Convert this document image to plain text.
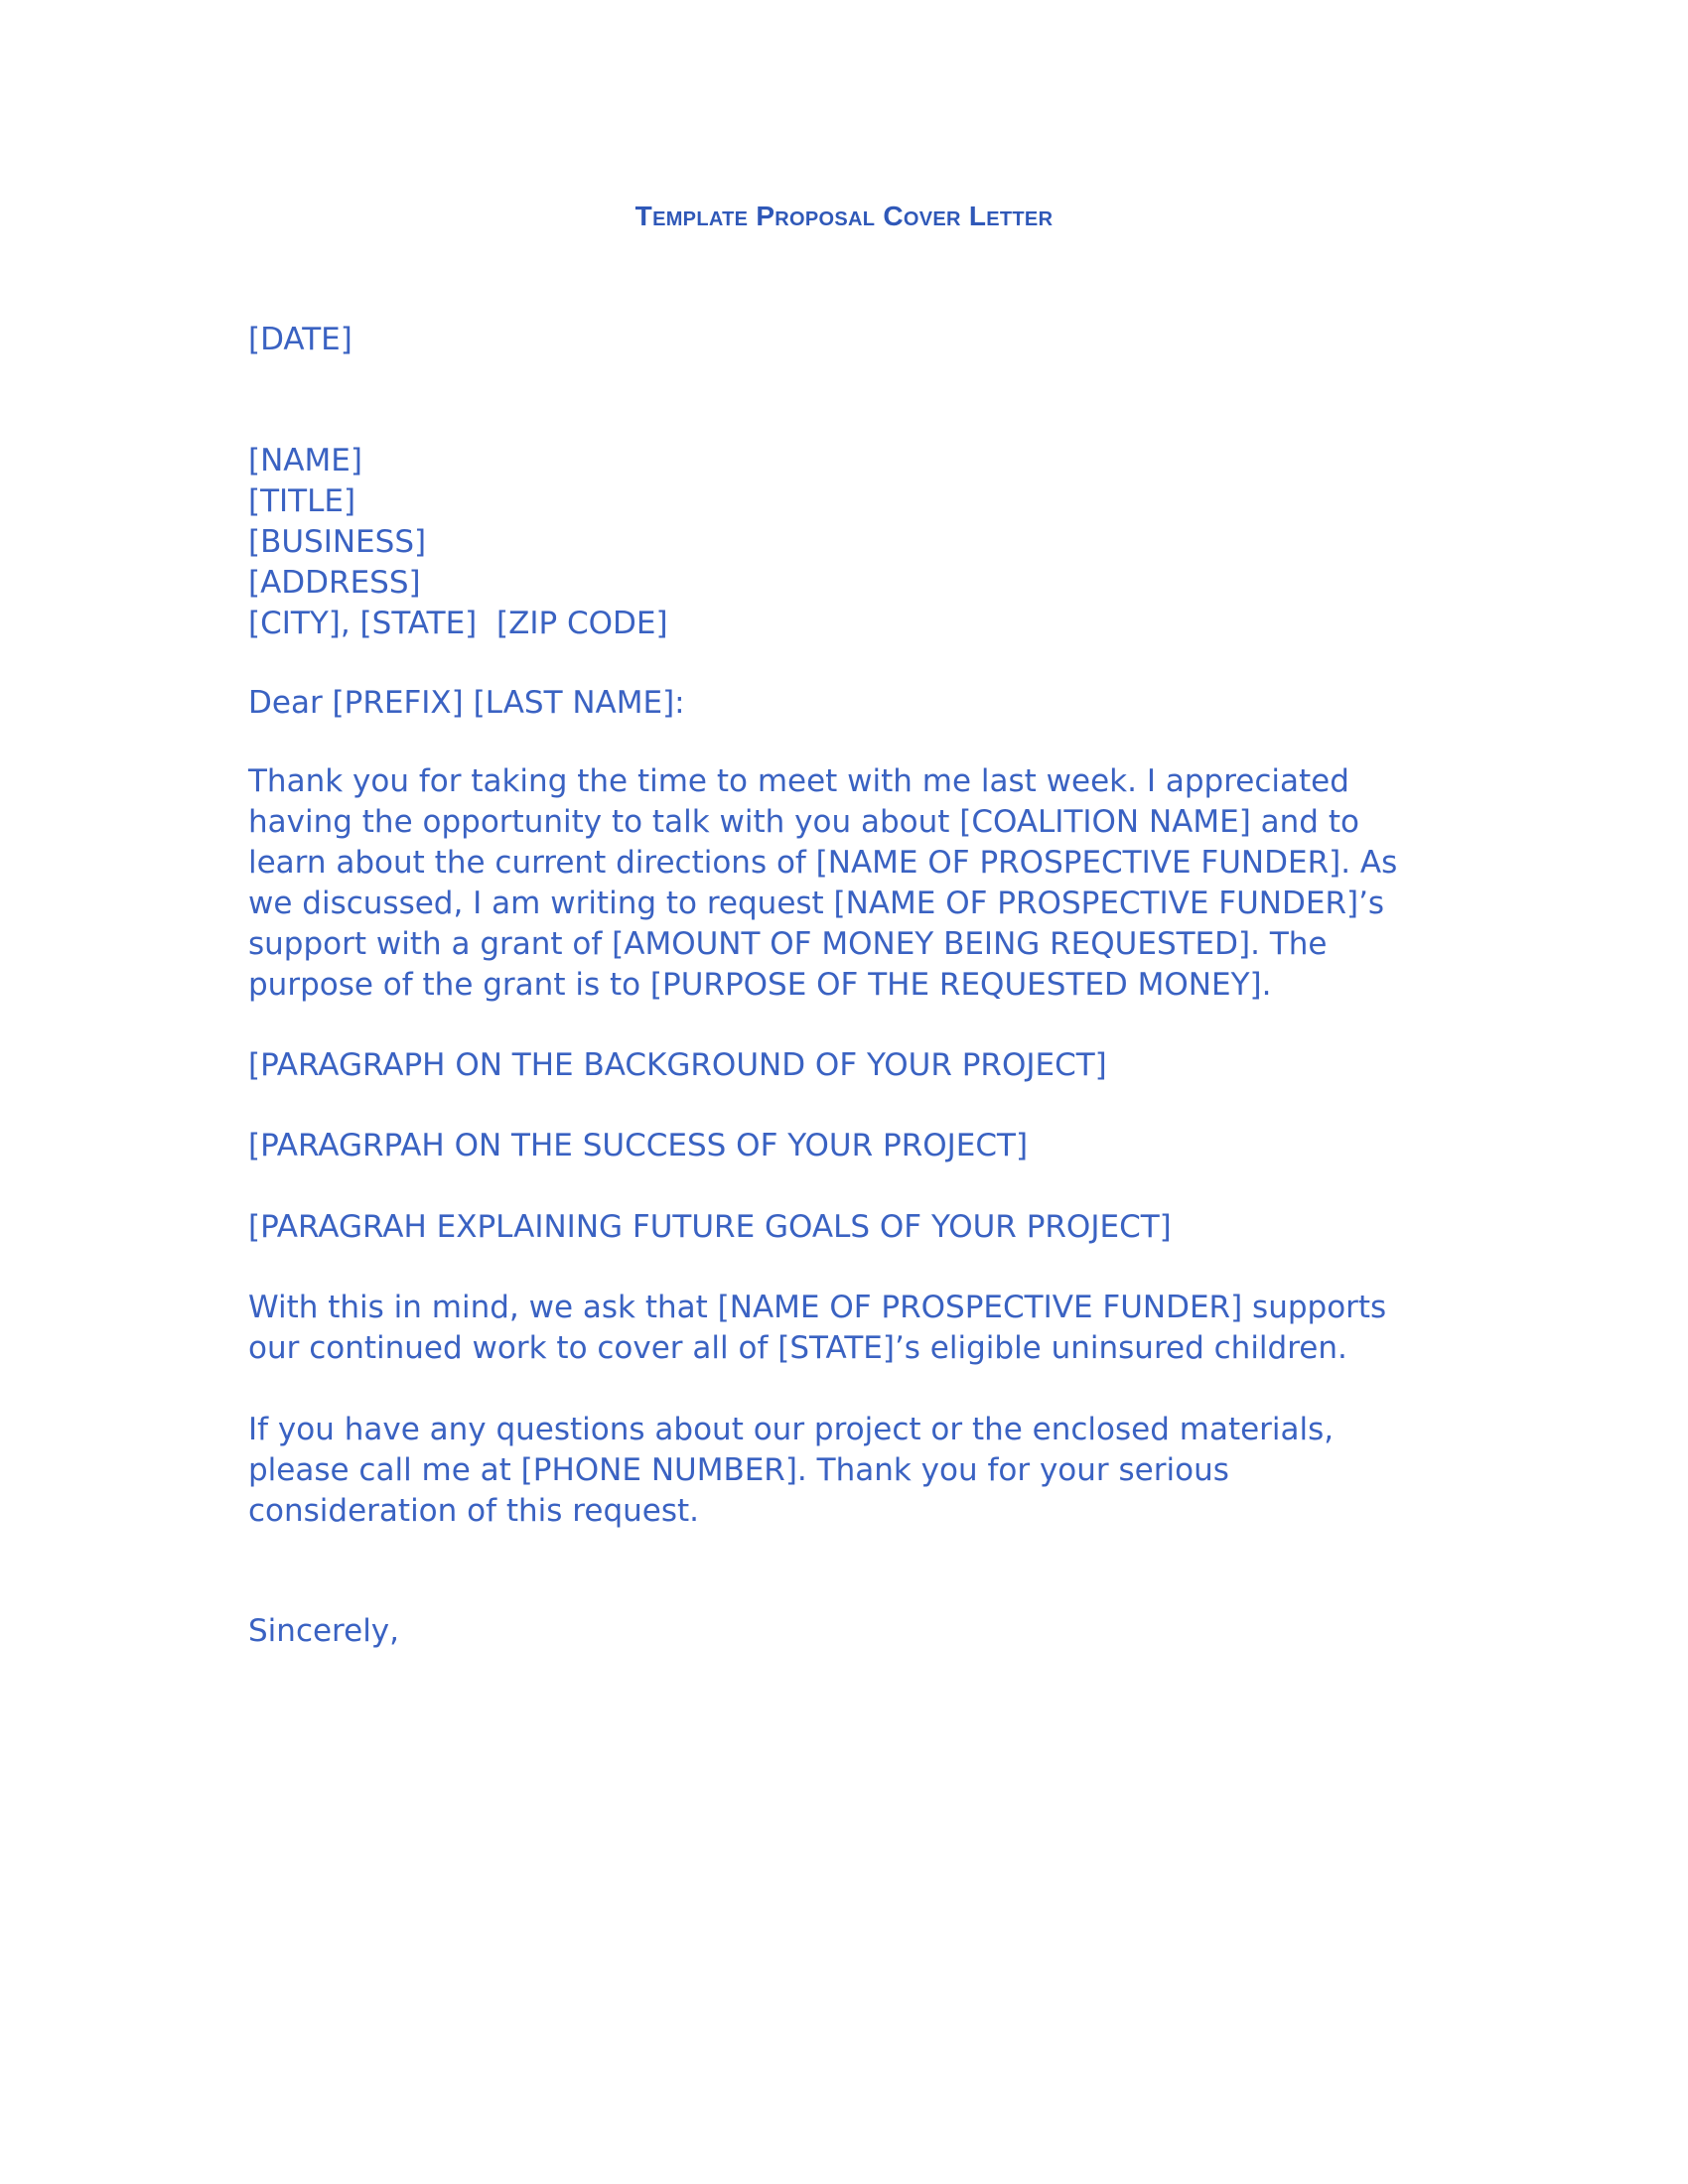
Template Proposal Cover Letter
[DATE]
[NAME]
[TITLE]
[BUSINESS]
[ADDRESS]
[CITY], [STATE]  [ZIP CODE]
Dear [PREFIX] [LAST NAME]:
Thank you for taking the time to meet with me last week. I appreciated
having the opportunity to talk with you about [COALITION NAME] and to
learn about the current directions of [NAME OF PROSPECTIVE FUNDER]. As
we discussed, I am writing to request [NAME OF PROSPECTIVE FUNDER]’s
support with a grant of [AMOUNT OF MONEY BEING REQUESTED]. The
purpose of the grant is to [PURPOSE OF THE REQUESTED MONEY].
[PARAGRAPH ON THE BACKGROUND OF YOUR PROJECT]
[PARAGRPAH ON THE SUCCESS OF YOUR PROJECT]
[PARAGRAH EXPLAINING FUTURE GOALS OF YOUR PROJECT]
With this in mind, we ask that [NAME OF PROSPECTIVE FUNDER] supports
our continued work to cover all of [STATE]’s eligible uninsured children.
If you have any questions about our project or the enclosed materials,
please call me at [PHONE NUMBER]. Thank you for your serious
consideration of this request.
Sincerely,
